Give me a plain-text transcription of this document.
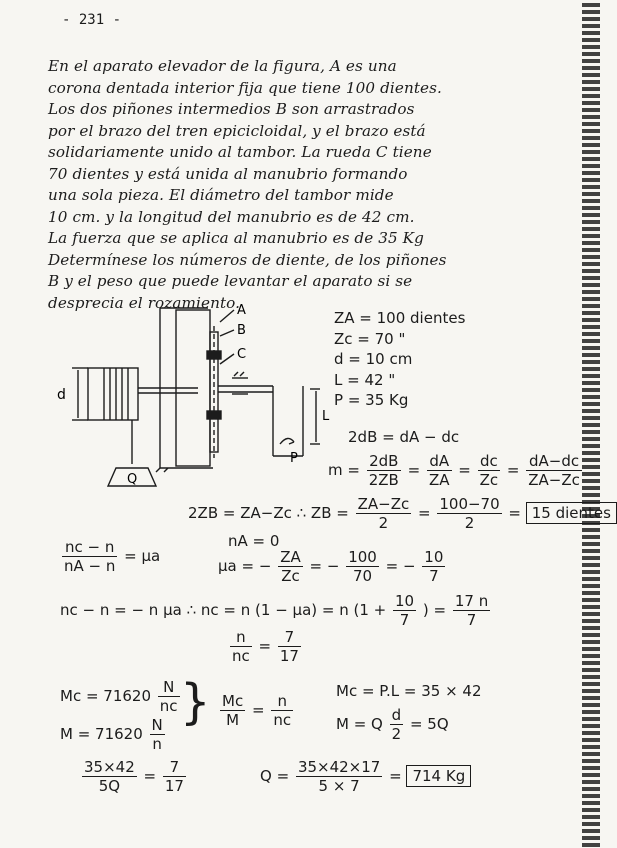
- 231 -
En el aparato elevador de la figura, A es una
corona dentada interior fija que tiene 100 dientes.
Los dos piñones intermedios B son arrastrados
por el brazo del tren epicicloidal, y el brazo está
solidariamente unido al tambor. La rueda C tiene
70 dientes y está unida al manubrio formando
una sola pieza. El diámetro del tambor mide
10 cm. y la longitud del manubrio es de 42 cm.
La fuerza que se aplica al manubrio es de 35 Kg
Determínese los números de diente, de los piñones
B y el peso que puede levantar el aparato si se
desprecia el rozamiento.
A
B
C
d
L
P
Q
ZA = 100 dientes
Zc = 70 "
d = 10 cm
L = 42 "
P = 35 Kg
2dB = dA − dc
$m = \frac{2dB}{2ZB} = \frac{dA}{ZA} = \frac{dc}{Zc} = \frac{dA-dc}{ZA-Zc}$
2ZB = ZA−Zc ∴ ZB = $\frac{ZA-Zc}{2} = \frac{100-70}{2} = 15$ dientes
$\frac{nc - n}{nA - n} = \mu a$
nA = 0
μa = − $\frac{ZA}{Zc}$ = − $\frac{100}{70}$ = − $\frac{10}{7}$
nc − n = − n μa ∴ nc = n (1 − μa) = n ($1 + \frac{10}{7}$ ) = $\frac{17 n}{7}$
$\frac{n}{nc} = \frac{7}{17}$
$Mc = 71620 \frac{N}{nc}$
$M = 71620 \frac{N}{n}$
} $\frac{Mc}{M} = \frac{n}{nc}$
Mc = P.L = 35 × 42
M = Q $\frac{d}{2} = 5Q$
$\frac{35\times 42}{5Q} = \frac{7}{17}$	$Q = \frac{35\times 42\times 17}{5 \times 7} = 714$ Kg
